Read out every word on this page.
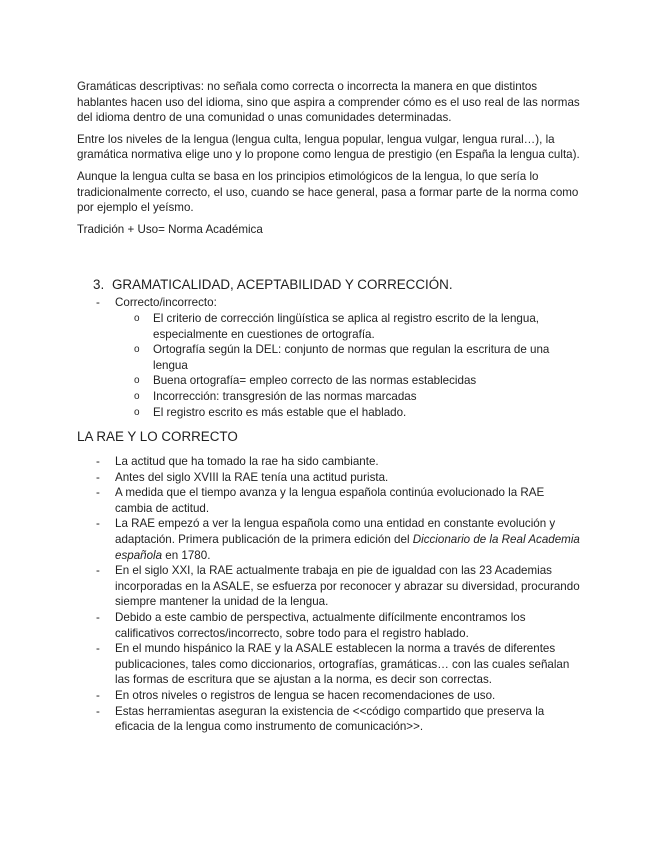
Gramáticas descriptivas: no señala como correcta o incorrecta la manera en que distintos hablantes hacen uso del idioma, sino que aspira a comprender cómo es el uso real de las normas del idioma dentro de una comunidad o unas comunidades determinadas.

Entre los niveles de la lengua (lengua culta, lengua popular, lengua vulgar, lengua rural…), la gramática normativa elige uno y lo propone como lengua de prestigio (en España la lengua culta).

Aunque la lengua culta se basa en los principios etimológicos de la lengua, lo que sería lo tradicionalmente correcto, el uso, cuando se hace general, pasa a formar parte de la norma como por ejemplo el yeísmo.

Tradición + Uso= Norma Académica

3. GRAMATICALIDAD, ACEPTABILIDAD Y CORRECCIÓN.
- Correcto/incorrecto:
o El criterio de corrección lingüística se aplica al registro escrito de la lengua, especialmente en cuestiones de ortografía.
o Ortografía según la DEL: conjunto de normas que regulan la escritura de una lengua
o Buena ortografía= empleo correcto de las normas establecidas
o Incorrección: transgresión de las normas marcadas
o El registro escrito es más estable que el hablado.
LA RAE Y LO CORRECTO
- La actitud que ha tomado la rae ha sido cambiante.
- Antes del siglo XVIII la RAE tenía una actitud purista.
- A medida que el tiempo avanza y la lengua española continúa evolucionado la RAE cambia de actitud.
- La RAE empezó a ver la lengua española como una entidad en constante evolución y adaptación. Primera publicación de la primera edición del Diccionario de la Real Academia española en 1780.
- En el siglo XXI, la RAE actualmente trabaja en pie de igualdad con las 23 Academias incorporadas en la ASALE, se esfuerza por reconocer y abrazar su diversidad, procurando siempre mantener la unidad de la lengua.
- Debido a este cambio de perspectiva, actualmente difícilmente encontramos los calificativos correctos/incorrecto, sobre todo para el registro hablado.
- En el mundo hispánico la RAE y la ASALE establecen la norma a través de diferentes publicaciones, tales como diccionarios, ortografías, gramáticas… con las cuales señalan las formas de escritura que se ajustan a la norma, es decir son correctas.
- En otros niveles o registros de lengua se hacen recomendaciones de uso.
- Estas herramientas aseguran la existencia de <<código compartido que preserva la eficacia de la lengua como instrumento de comunicación>>.
